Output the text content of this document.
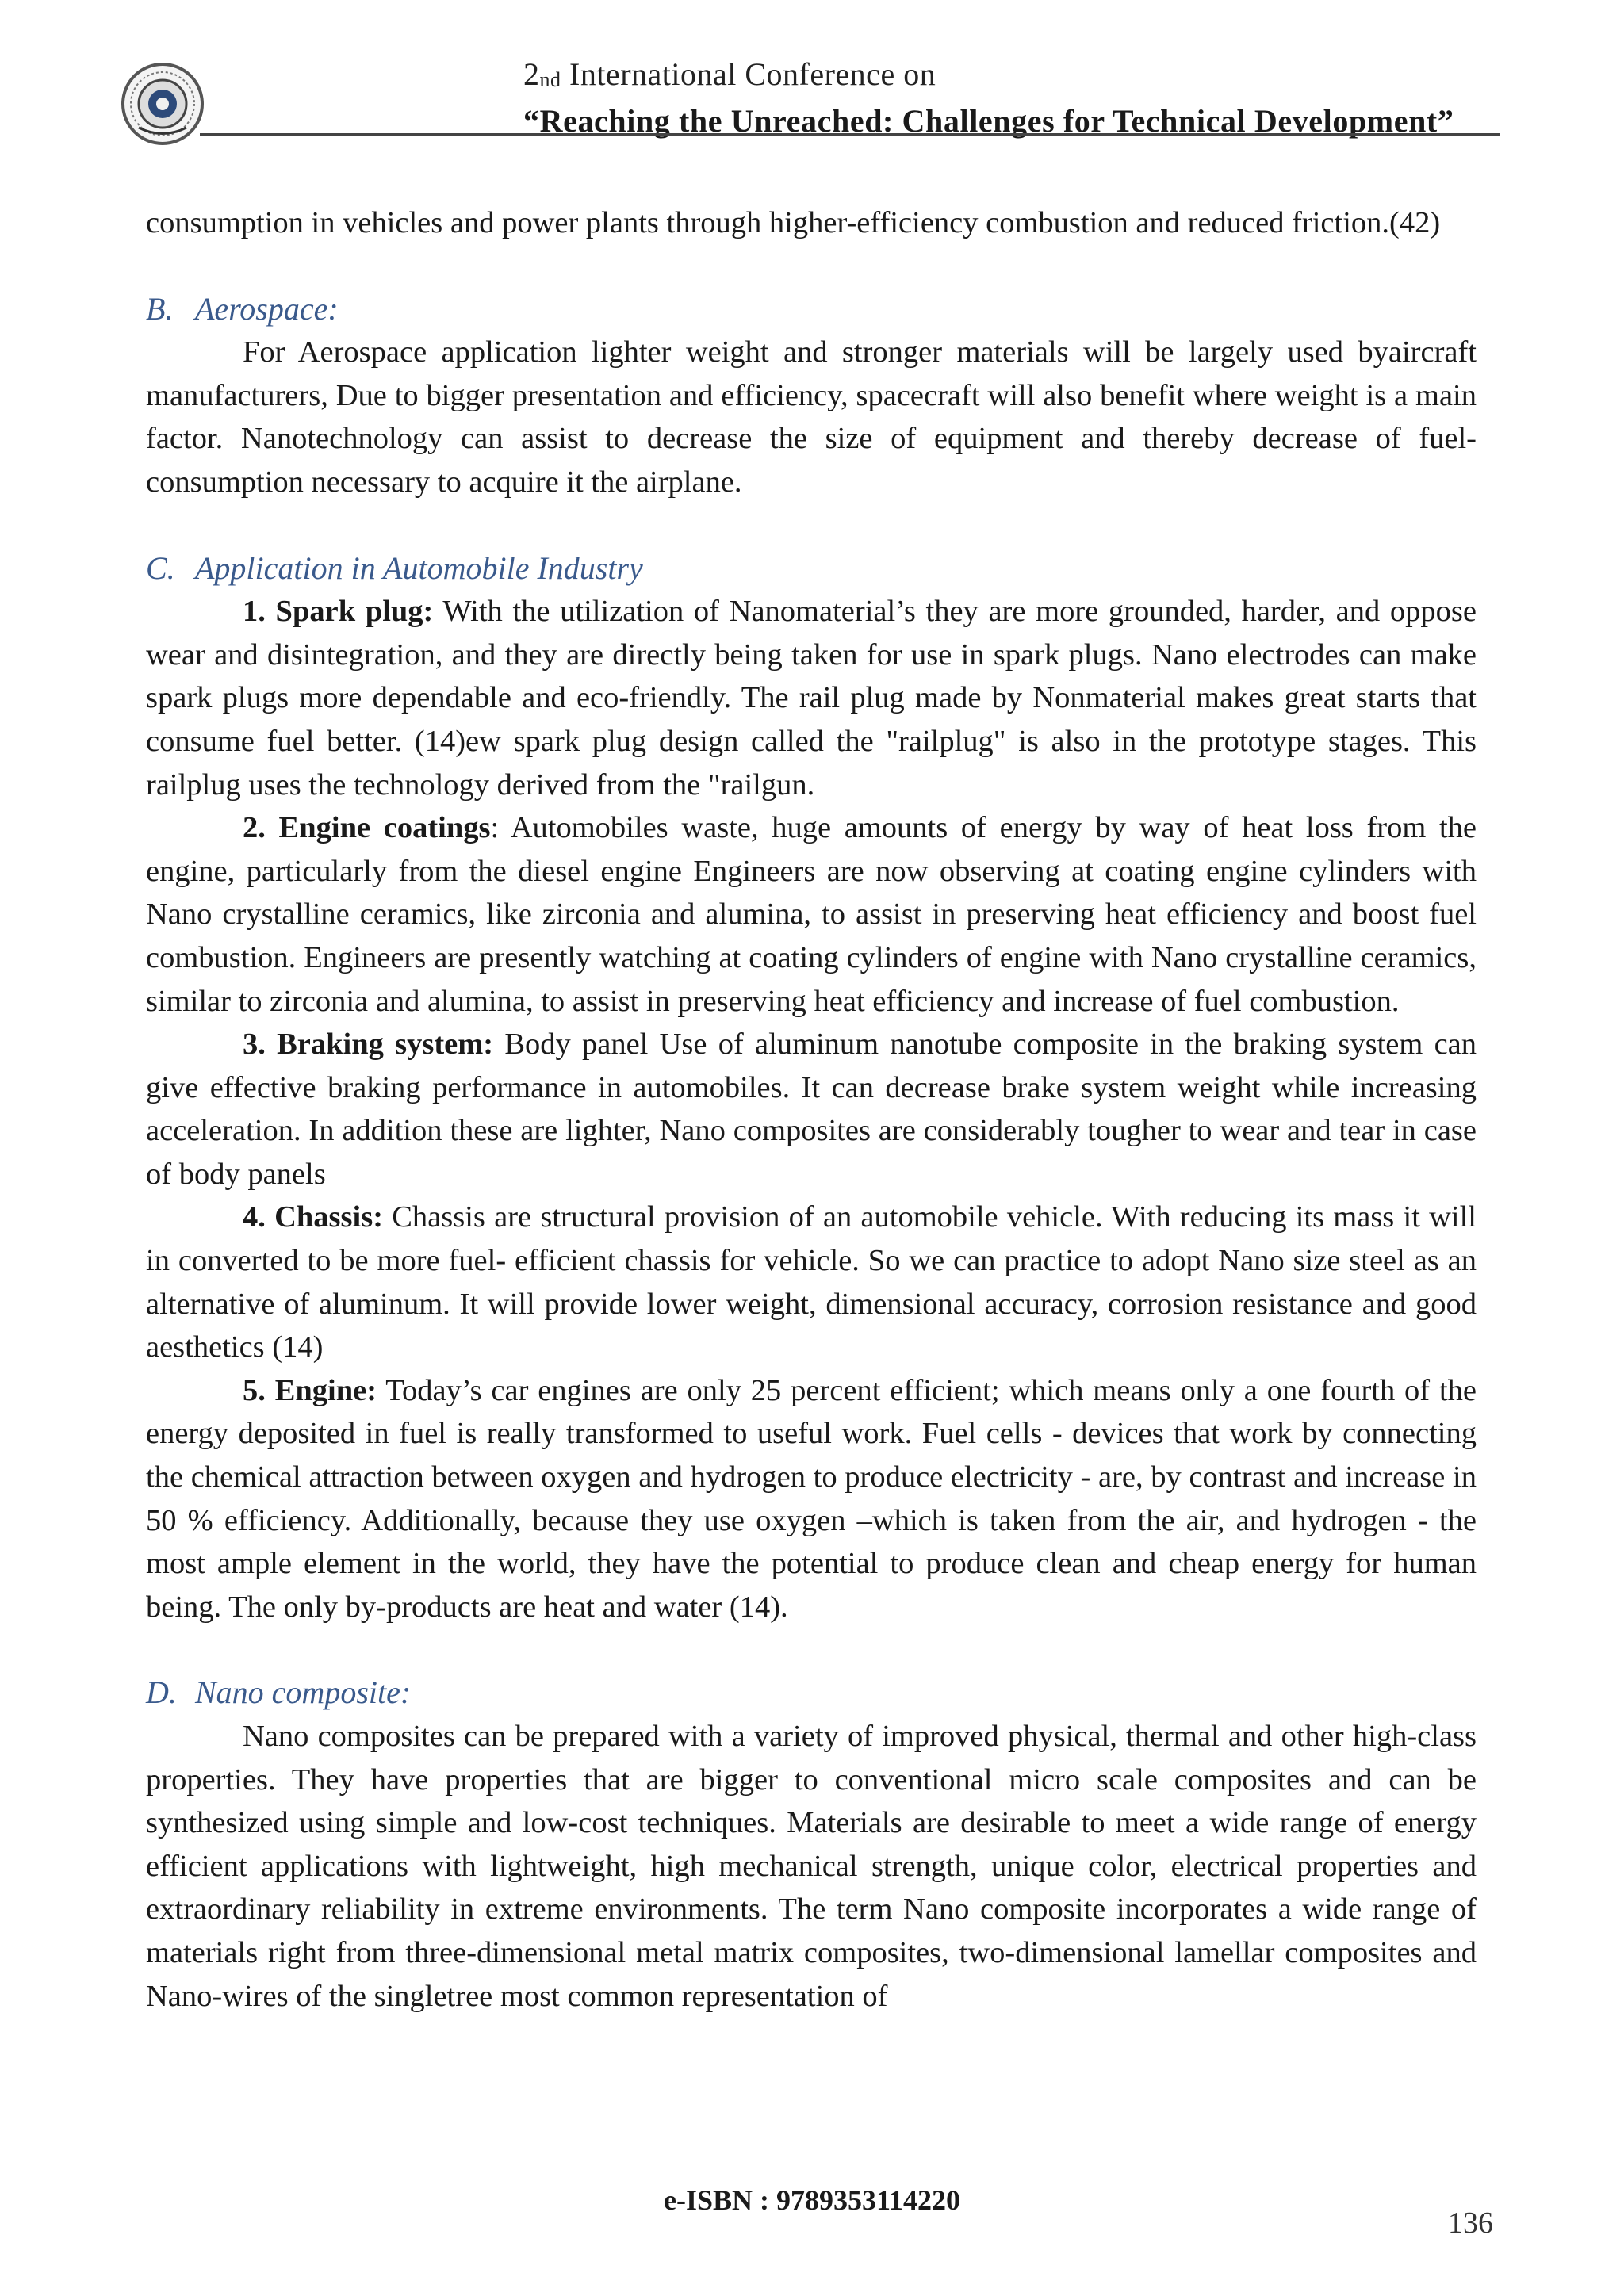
2nd International Conference on
“Reaching the Unreached: Challenges for Technical Development”

consumption in vehicles and power plants through higher-efficiency combustion and reduced friction.(42)

B. Aerospace:

For Aerospace application lighter weight and stronger materials will be largely used byaircraft manufacturers, Due to bigger presentation and efficiency, spacecraft will also benefit where weight is a main factor. Nanotechnology can assist to decrease the size of equipment and thereby decrease of fuel-consumption necessary to acquire it the airplane.

C. Application in Automobile Industry

1. Spark plug: With the utilization of Nanomaterial’s they are more grounded, harder, and oppose wear and disintegration, and they are directly being taken for use in spark plugs. Nano electrodes can make spark plugs more dependable and eco-friendly. The rail plug made by Nonmaterial makes great starts that consume fuel better. (14)ew spark plug design called the "railplug" is also in the prototype stages. This railplug uses the technology derived from the "railgun.

2. Engine coatings: Automobiles waste, huge amounts of energy by way of heat loss from the engine, particularly from the diesel engine Engineers are now observing at coating engine cylinders with Nano crystalline ceramics, like zirconia and alumina, to assist in preserving heat efficiency and boost fuel combustion. Engineers are presently watching at coating cylinders of engine with Nano crystalline ceramics, similar to zirconia and alumina, to assist in preserving heat efficiency and increase of fuel combustion.

3. Braking system: Body panel Use of aluminum nanotube composite in the braking system can give effective braking performance in automobiles. It can decrease brake system weight while increasing acceleration. In addition these are lighter, Nano composites are considerably tougher to wear and tear in case of body panels

4. Chassis: Chassis are structural provision of an automobile vehicle. With reducing its mass it will in converted to be more fuel- efficient chassis for vehicle. So we can practice to adopt Nano size steel as an alternative of aluminum. It will provide lower weight, dimensional accuracy, corrosion resistance and good aesthetics (14)

5. Engine: Today’s car engines are only 25 percent efficient; which means only a one fourth of the energy deposited in fuel is really transformed to useful work. Fuel cells - devices that work by connecting the chemical attraction between oxygen and hydrogen to produce electricity - are, by contrast and increase in 50 % efficiency. Additionally, because they use oxygen –which is taken from the air, and hydrogen - the most ample element in the world, they have the potential to produce clean and cheap energy for human being. The only by-products are heat and water (14).

D. Nano composite:

Nano composites can be prepared with a variety of improved physical, thermal and other high-class properties. They have properties that are bigger to conventional micro scale composites and can be synthesized using simple and low-cost techniques. Materials are desirable to meet a wide range of energy efficient applications with lightweight, high mechanical strength, unique color, electrical properties and extraordinary reliability in extreme environments. The term Nano composite incorporates a wide range of materials right from three-dimensional metal matrix composites, two-dimensional lamellar composites and Nano-wires of the singletree most common representation of

e-ISBN : 9789353114220
136
